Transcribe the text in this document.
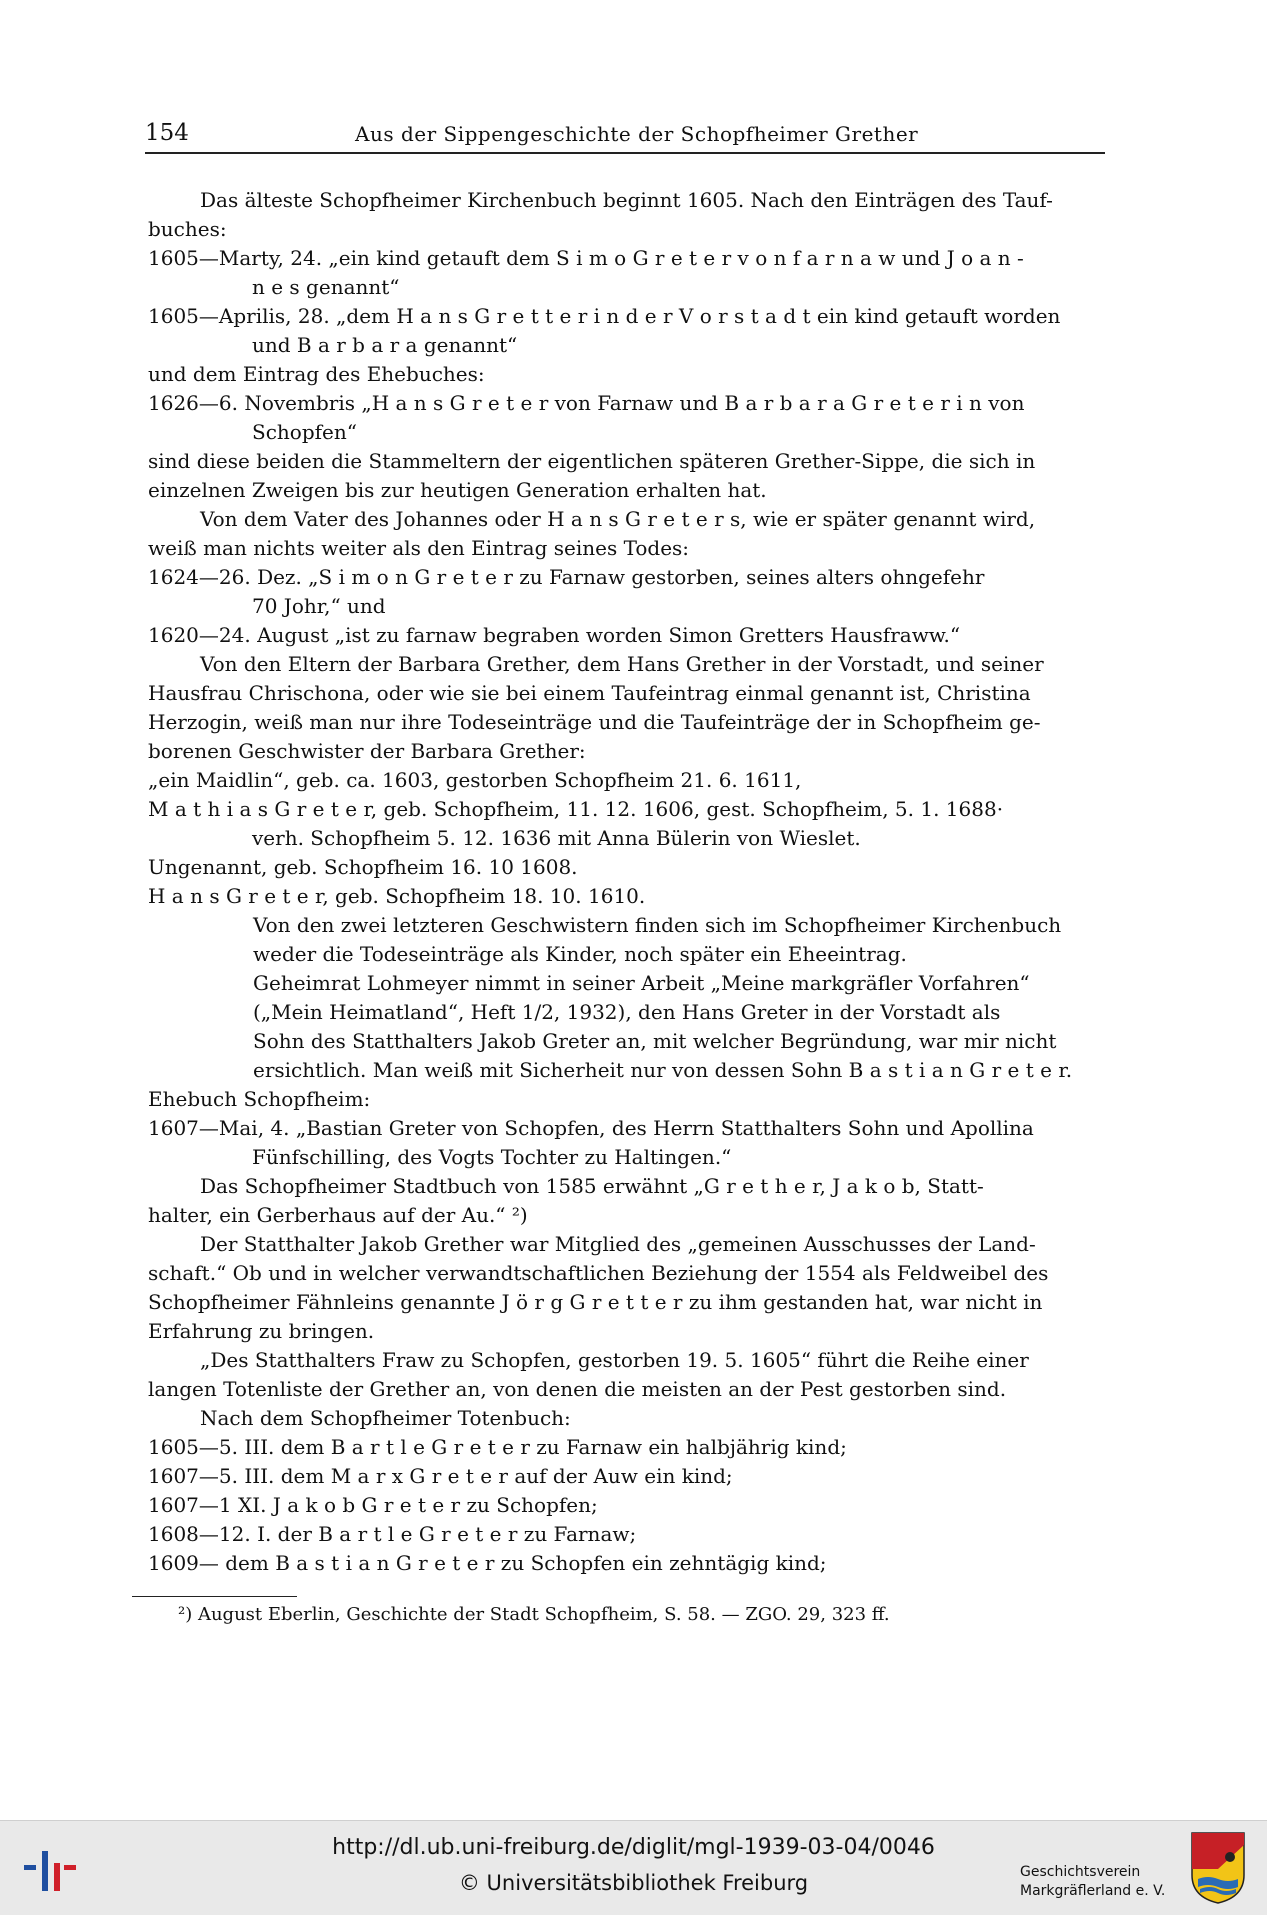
154	Aus der Sippengeschichte der Schopfheimer Grether
Das älteste Schopfheimer Kirchenbuch beginnt 1605. Nach den Einträgen des Tauf-
buches:
1605—Marty, 24. „ein kind getauft dem S i m o G r e t e r v o n f a r n a w und J o a n -
n e s genannt“
1605—Aprilis, 28. „dem H a n s G r e t t e r i n d e r V o r s t a d t ein kind getauft worden
und B a r b a r a genannt“
und dem Eintrag des Ehebuches:
1626—6. Novembris „H a n s G r e t e r von Farnaw und B a r b a r a G r e t e r i n von
Schopfen“
sind diese beiden die Stammeltern der eigentlichen späteren Grether-Sippe, die sich in
einzelnen Zweigen bis zur heutigen Generation erhalten hat.
Von dem Vater des Johannes oder H a n s G r e t e r s, wie er später genannt wird,
weiß man nichts weiter als den Eintrag seines Todes:
1624—26. Dez. „S i m o n G r e t e r zu Farnaw gestorben, seines alters ohngefehr
70 Johr,“ und
1620—24. August „ist zu farnaw begraben worden Simon Gretters Hausfraww.“
Von den Eltern der Barbara Grether, dem Hans Grether in der Vorstadt, und seiner
Hausfrau Chrischona, oder wie sie bei einem Taufeintrag einmal genannt ist, Christina
Herzogin, weiß man nur ihre Todeseinträge und die Taufeinträge der in Schopfheim ge-
borenen Geschwister der Barbara Grether:
„ein Maidlin“, geb. ca. 1603, gestorben Schopfheim 21. 6. 1611,
M a t h i a s G r e t e r, geb. Schopfheim, 11. 12. 1606, gest. Schopfheim, 5. 1. 1688·
verh. Schopfheim 5. 12. 1636 mit Anna Bülerin von Wieslet.
Ungenannt, geb. Schopfheim 16. 10 1608.
H a n s G r e t e r, geb. Schopfheim 18. 10. 1610.
Von den zwei letzteren Geschwistern finden sich im Schopfheimer Kirchenbuch
weder die Todeseinträge als Kinder, noch später ein Eheeintrag.
Geheimrat Lohmeyer nimmt in seiner Arbeit „Meine markgräfler Vorfahren“
(„Mein Heimatland“, Heft 1/2, 1932), den Hans Greter in der Vorstadt als
Sohn des Statthalters Jakob Greter an, mit welcher Begründung, war mir nicht
ersichtlich. Man weiß mit Sicherheit nur von dessen Sohn B a s t i a n G r e t e r.
Ehebuch Schopfheim:
1607—Mai, 4. „Bastian Greter von Schopfen, des Herrn Statthalters Sohn und Apollina
Fünfschilling, des Vogts Tochter zu Haltingen.“
Das Schopfheimer Stadtbuch von 1585 erwähnt „G r e t h e r, J a k o b, Statt-
halter, ein Gerberhaus auf der Au.“ ²)
Der Statthalter Jakob Grether war Mitglied des „gemeinen Ausschusses der Land-
schaft.“ Ob und in welcher verwandtschaftlichen Beziehung der 1554 als Feldweibel des
Schopfheimer Fähnleins genannte J ö r g G r e t t e r zu ihm gestanden hat, war nicht in
Erfahrung zu bringen.
„Des Statthalters Fraw zu Schopfen, gestorben 19. 5. 1605“ führt die Reihe einer
langen Totenliste der Grether an, von denen die meisten an der Pest gestorben sind.
Nach dem Schopfheimer Totenbuch:
1605—5. III. dem B a r t l e G r e t e r zu Farnaw ein halbjährig kind;
1607—5. III. dem M a r x G r e t e r auf der Auw ein kind;
1607—1 XI. J a k o b G r e t e r zu Schopfen;
1608—12. I. der B a r t l e G r e t e r zu Farnaw;
1609— dem B a s t i a n G r e t e r zu Schopfen ein zehntägig kind;
²) August Eberlin, Geschichte der Stadt Schopfheim, S. 58. — ZGO. 29, 323 ff.
http://dl.ub.uni-freiburg.de/diglit/mgl-1939-03-04/0046
© Universitätsbibliothek Freiburg	Geschichtsverein
Markgräflerland e. V.
